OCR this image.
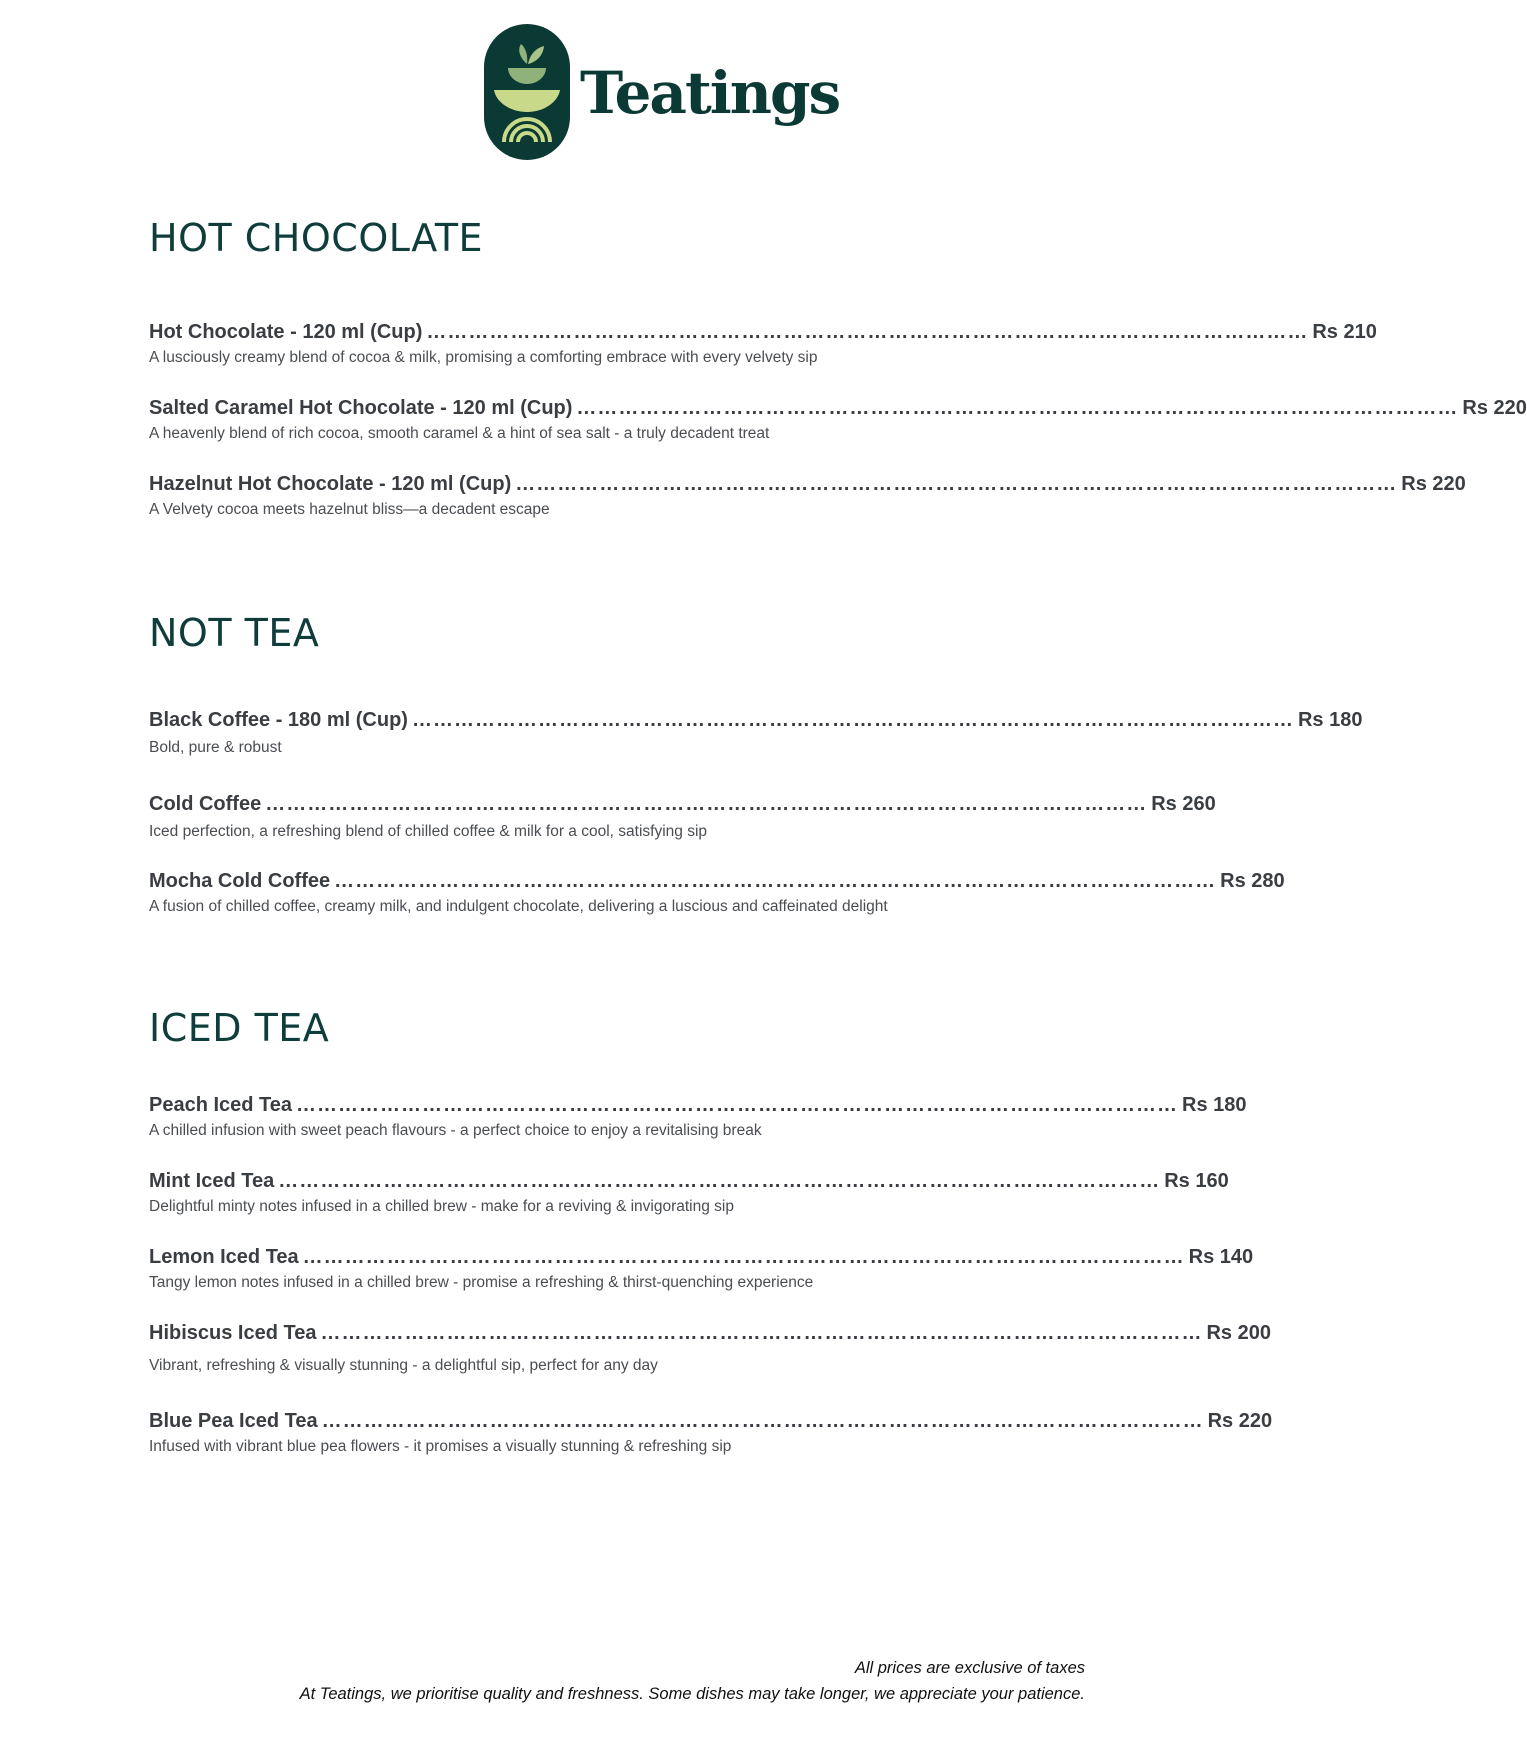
Teatings
HOT CHOCOLATE
Hot Chocolate - 120 ml (Cup) ……………………………………………………………………………………………………………… Rs 210
A lusciously creamy blend of cocoa & milk, promising a comforting embrace with every velvety sip
Salted Caramel Hot Chocolate - 120 ml (Cup) ……………………………………………………………………………………………………………… Rs 220
A heavenly blend of rich cocoa, smooth caramel & a hint of sea salt - a truly decadent treat
Hazelnut Hot Chocolate - 120 ml (Cup) ……………………………………………………………………………………………………………… Rs 220
A Velvety cocoa meets hazelnut bliss—a decadent escape
NOT TEA
Black Coffee - 180 ml (Cup) ……………………………………………………………………………………………………………… Rs 180
Bold, pure & robust
Cold Coffee ……………………………………………………………………………………………………………… Rs 260
Iced perfection, a refreshing blend of chilled coffee & milk for a cool, satisfying sip
Mocha Cold Coffee ……………………………………………………………………………………………………………… Rs 280
A fusion of chilled coffee, creamy milk, and indulgent chocolate, delivering a luscious and caffeinated delight
ICED TEA
Peach Iced Tea ……………………………………………………………………………………………………………… Rs 180
A chilled infusion with sweet peach flavours - a perfect choice to enjoy a revitalising break
Mint Iced Tea ……………………………………………………………………………………………………………… Rs 160
Delightful minty notes infused in a chilled brew - make for a reviving & invigorating sip
Lemon Iced Tea ……………………………………………………………………………………………………………… Rs 140
Tangy lemon notes infused in a chilled brew - promise a refreshing & thirst-quenching experience
Hibiscus Iced Tea ……………………………………………………………………………………………………………… Rs 200
Vibrant, refreshing & visually stunning - a delightful sip, perfect for any day
Blue Pea Iced Tea ……………………………………………………………………………………………………………… Rs 220
Infused with vibrant blue pea flowers - it promises a visually stunning & refreshing sip
All prices are exclusive of taxes
At Teatings, we prioritise quality and freshness. Some dishes may take longer, we appreciate your patience.
